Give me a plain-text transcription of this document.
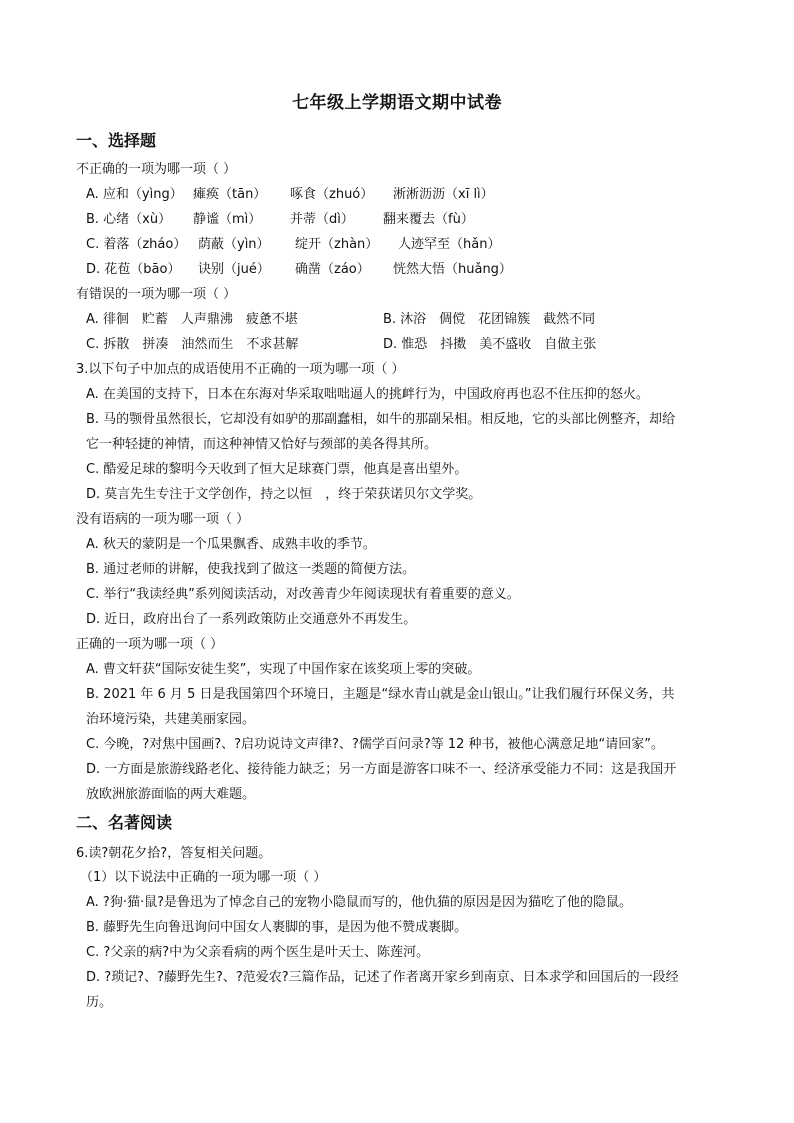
七年级上学期语文期中试卷
一、选择题
不正确的一项为哪一项（ ）
A. 应和（yìng） 瘫痪（tān） 啄食（zhuó） 淅淅沥沥（xī lì）
B. 心绪（xù） 静谧（mì） 并蒂（dì） 翻来覆去（fù）
C. 着落（zháo） 荫蔽（yìn） 绽开（zhàn） 人迹罕至（hǎn）
D. 花苞（bāo） 诀别（jué） 确凿（záo） 恍然大悟（huǎng）
有错误的一项为哪一项（ ）
A. 徘徊　贮蓄　人声鼎沸　疲惫不堪	B. 沐浴　倜傥　花团锦簇　截然不同
C. 拆散　拼凑　油然而生　不求甚解	D. 惟恐　抖擞　美不盛收　自做主张
3.以下句子中加点的成语使用不正确的一项为哪一项（ ）
A. 在美国的支持下，日本在东海对华采取咄咄逼人的挑衅行为，中国政府再也忍不住压抑的怒火。
B. 马的颚骨虽然很长，它却没有如驴的那副蠢相，如牛的那副呆相。相反地，它的头部比例整齐，却给
它一种轻捷的神情，而这种神情又恰好与颈部的美各得其所。
C. 酷爱足球的黎明今天收到了恒大足球赛门票，他真是喜出望外。
D. 莫言先生专注于文学创作，持之以恒　，终于荣获诺贝尔文学奖。
没有语病的一项为哪一项（ ）
A. 秋天的蒙阴是一个瓜果飘香、成熟丰收的季节。
B. 通过老师的讲解，使我找到了做这一类题的简便方法。
C. 举行“我读经典”系列阅读活动，对改善青少年阅读现状有着重要的意义。
D. 近日，政府出台了一系列政策防止交通意外不再发生。
正确的一项为哪一项（ ）
A. 曹文轩获“国际安徒生奖”，实现了中国作家在该奖项上零的突破。
B. 2021 年 6 月 5 日是我国第四个环境日，主题是“绿水青山就是金山银山。”让我们履行环保义务，共
治环境污染，共建美丽家园。
C. 今晚，?对焦中国画?、?启功说诗文声律?、?儒学百问录?等 12 种书，被他心满意足地“请回家”。
D. 一方面是旅游线路老化、接待能力缺乏；另一方面是游客口味不一、经济承受能力不同：这是我国开
放欧洲旅游面临的两大难题。
二、名著阅读
6.读?朝花夕拾?，答复相关问题。
（1）以下说法中正确的一项为哪一项（ ）
A. ?狗·猫·鼠?是鲁迅为了悼念自己的宠物小隐鼠而写的，他仇猫的原因是因为猫吃了他的隐鼠。
B. 藤野先生向鲁迅询问中国女人裹脚的事，是因为他不赞成裹脚。
C. ?父亲的病?中为父亲看病的两个医生是叶天士、陈莲河。
D. ?琐记?、?藤野先生?、?范爱农?三篇作品，记述了作者离开家乡到南京、日本求学和回国后的一段经
历。
